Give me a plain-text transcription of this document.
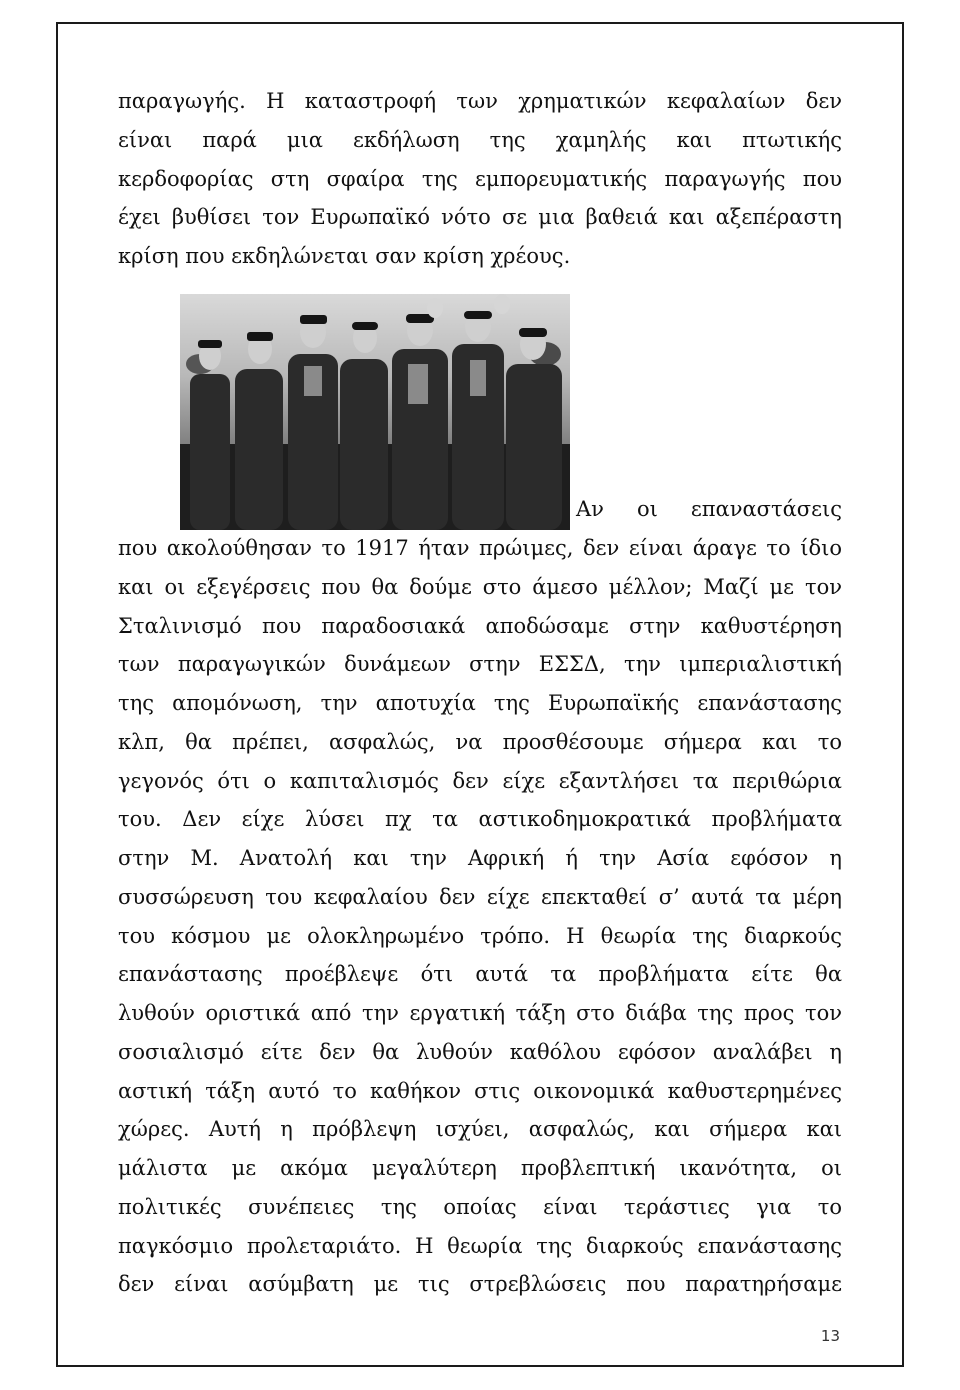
παραγωγής. Η καταστροφή των χρηματικών κεφαλαίων δεν
είναι παρά μια εκδήλωση της χαμηλής και πτωτικής
κερδοφορίας στη σφαίρα της εμπορευματικής παραγωγής που
έχει βυθίσει τον Ευρωπαϊκό νότο σε μια βαθειά και αξεπέραστη
κρίση που εκδηλώνεται σαν κρίση χρέους.
Αν οι επαναστάσεις
που ακολούθησαν το 1917 ήταν πρώιμες, δεν είναι άραγε το ίδιο
και οι εξεγέρσεις που θα δούμε στο άμεσο μέλλον; Μαζί με τον
Σταλινισμό που παραδοσιακά αποδώσαμε στην καθυστέρηση
των παραγωγικών δυνάμεων στην ΕΣΣΔ, την ιμπεριαλιστική
της απομόνωση, την αποτυχία της Ευρωπαϊκής επανάστασης
κλπ, θα πρέπει, ασφαλώς, να προσθέσουμε σήμερα και το
γεγονός ότι ο καπιταλισμός δεν είχε εξαντλήσει τα περιθώρια
του. Δεν είχε λύσει πχ τα αστικοδημοκρατικά προβλήματα
στην Μ. Ανατολή και την Αφρική ή την Ασία εφόσον η
συσσώρευση του κεφαλαίου δεν είχε επεκταθεί σ’ αυτά τα μέρη
του κόσμου με ολοκληρωμένο τρόπο. Η θεωρία της διαρκούς
επανάστασης προέβλεψε ότι αυτά τα προβλήματα είτε θα
λυθούν οριστικά από την εργατική τάξη στο διάβα της προς τον
σοσιαλισμό είτε δεν θα λυθούν καθόλου εφόσον αναλάβει η
αστική τάξη αυτό το καθήκον στις οικονομικά καθυστερημένες
χώρες. Αυτή η πρόβλεψη ισχύει, ασφαλώς, και σήμερα και
μάλιστα με ακόμα μεγαλύτερη προβλεπτική ικανότητα, οι
πολιτικές συνέπειες της οποίας είναι τεράστιες για το
παγκόσμιο προλεταριάτο. Η θεωρία της διαρκούς επανάστασης
δεν είναι ασύμβατη με τις στρεβλώσεις που παρατηρήσαμε
13
